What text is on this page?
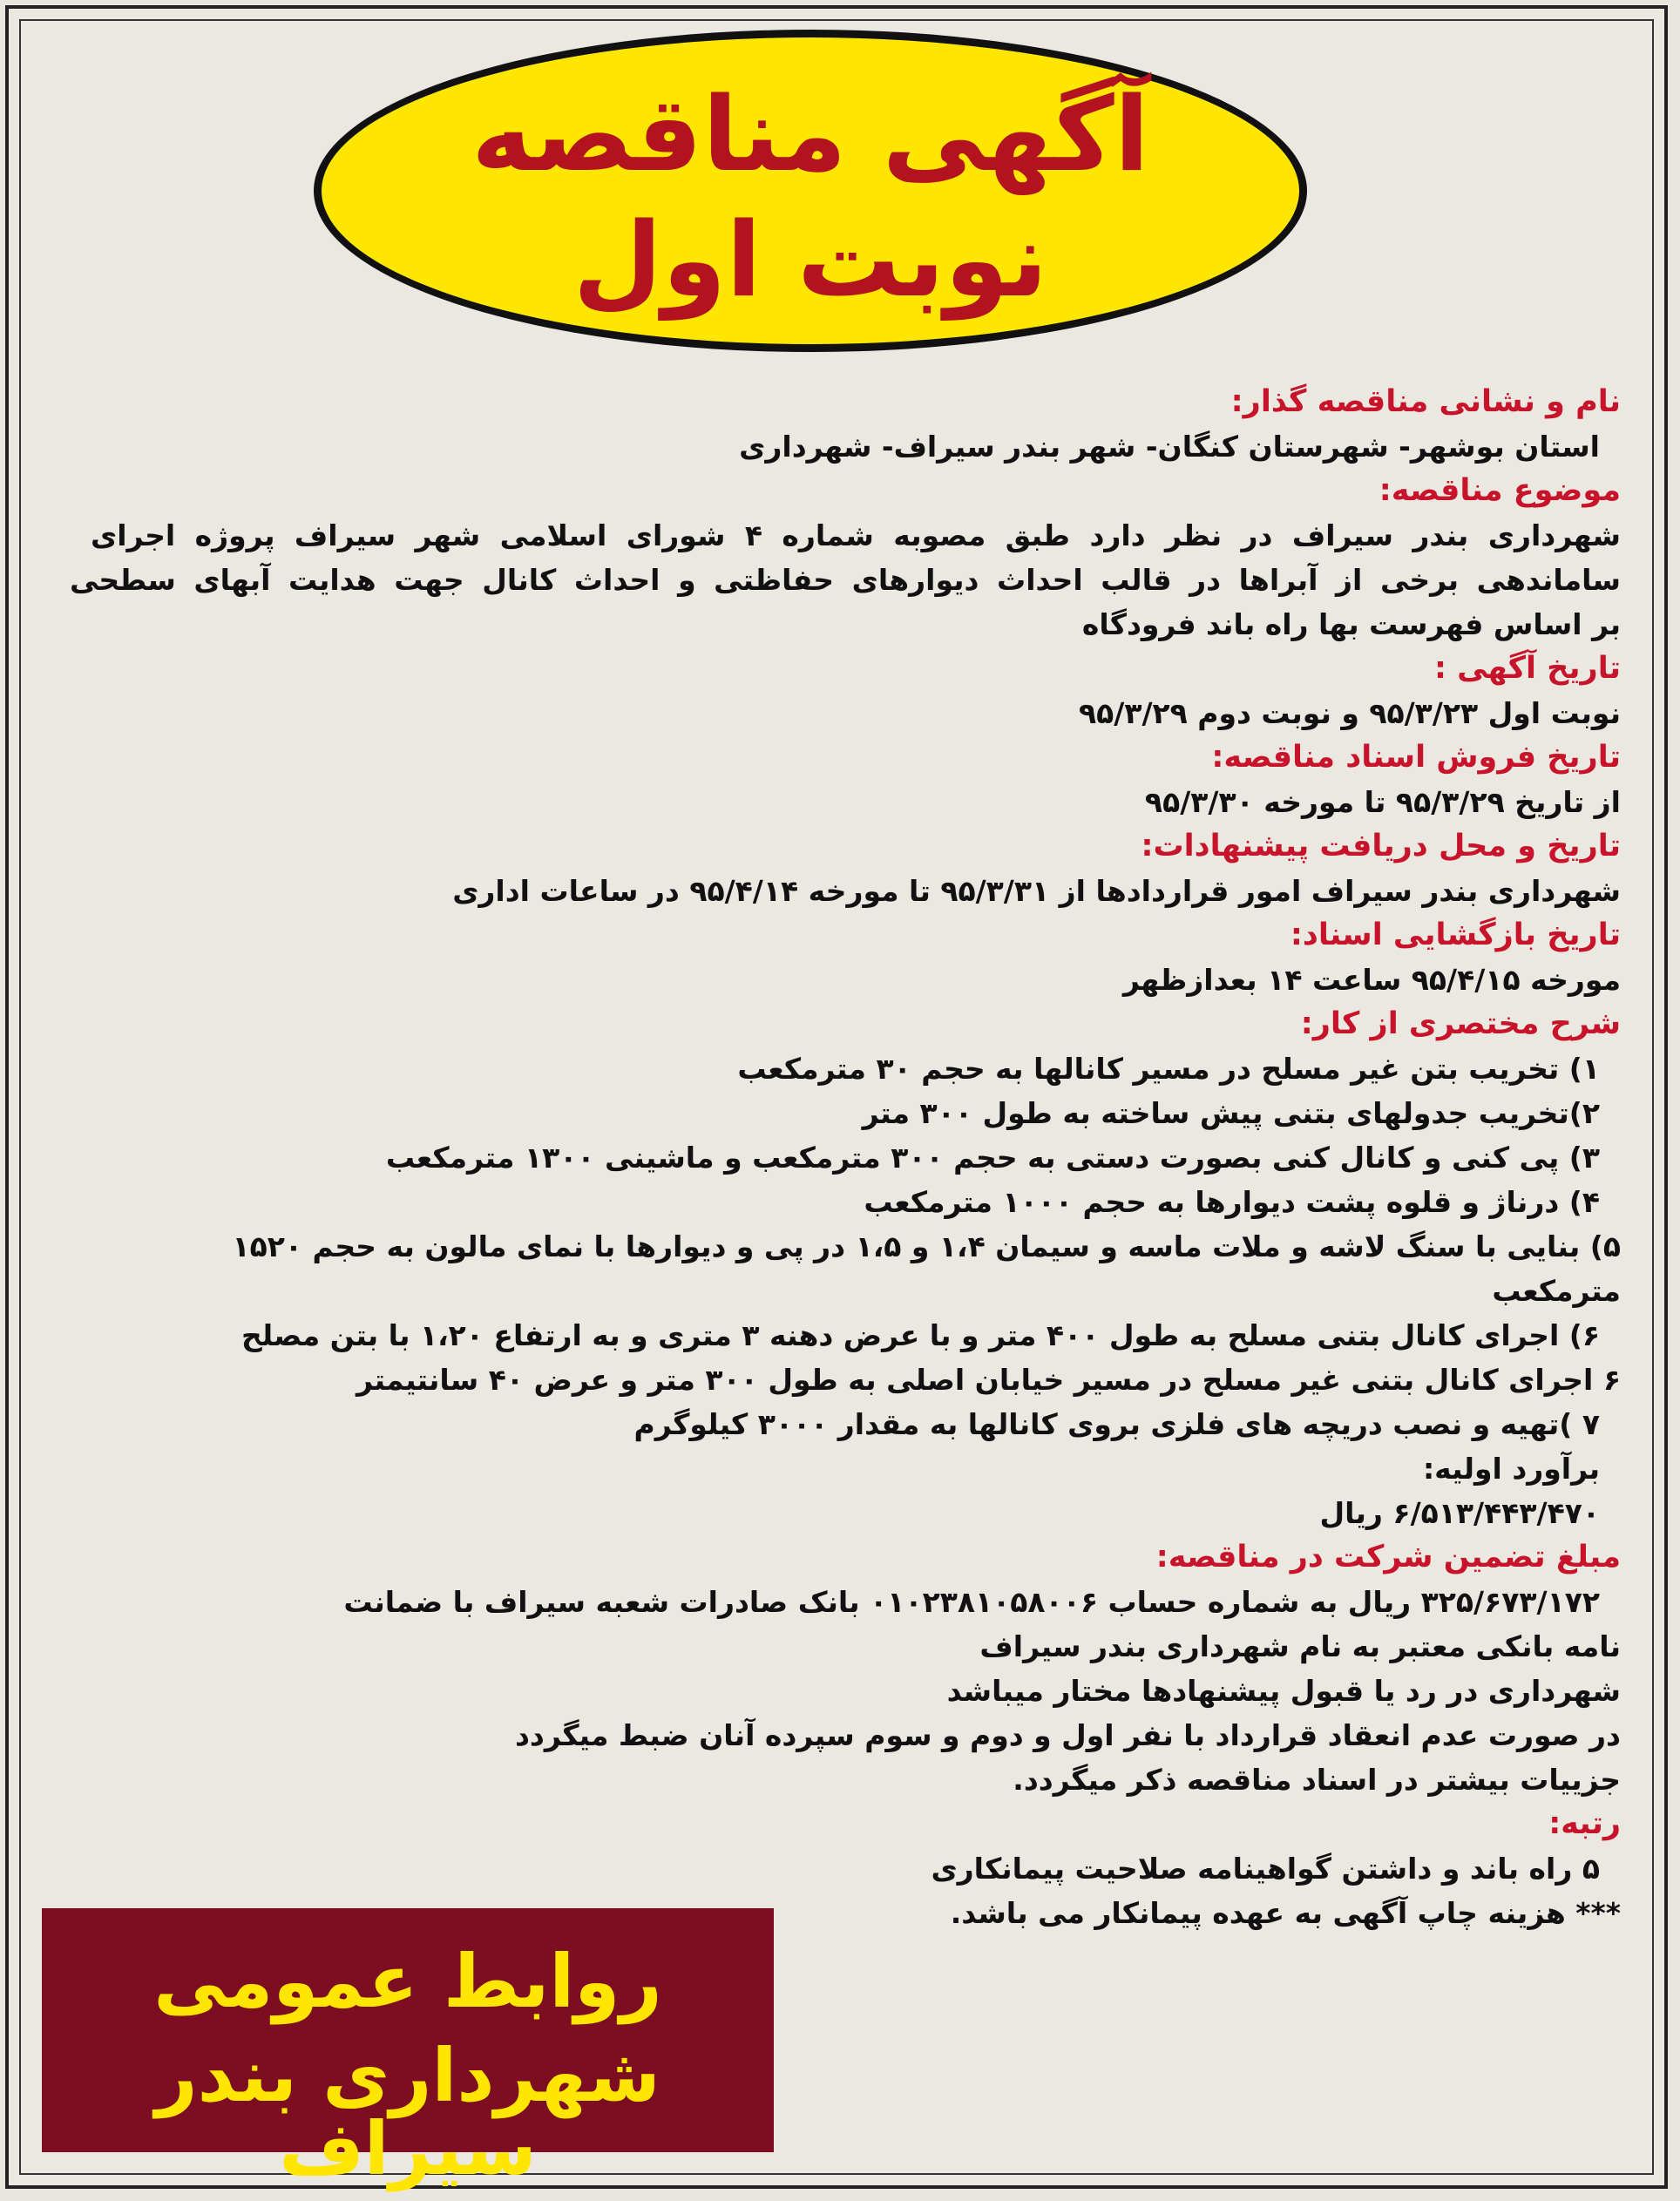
آگهی مناقصه
نوبت اول
نام و نشانی مناقصه گذار:
استان بوشهر- شهرستان کنگان- شهر بندر سیراف- شهرداری
موضوع مناقصه:
شهرداری بندر سیراف در نظر دارد طبق مصوبه شماره ۴ شورای اسلامی شهر سیراف پروژه اجرای
ساماندهی برخی از آبراها در قالب احداث دیوارهای حفاظتی و احداث کانال جهت هدایت آبهای سطحی
بر اساس فهرست بها راه باند فرودگاه
تاریخ آگهی :
نوبت اول ۹۵/۳/۲۳ و نوبت دوم ۹۵/۳/۲۹
تاریخ فروش اسناد مناقصه:
از تاریخ ۹۵/۳/۲۹ تا مورخه ۹۵/۳/۳۰
تاریخ و محل دریافت پیشنهادات:
شهرداری بندر سیراف امور قراردادها از ۹۵/۳/۳۱ تا مورخه ۹۵/۴/۱۴ در ساعات اداری
تاریخ بازگشایی اسناد:
مورخه ۹۵/۴/۱۵ ساعت ۱۴ بعدازظهر
شرح مختصری از کار:
۱) تخریب بتن غیر مسلح در مسیر کانالها به حجم ۳۰ مترمکعب
۲)تخریب جدولهای بتنی پیش ساخته به طول ۳۰۰ متر
۳) پی کنی و کانال کنی بصورت دستی به حجم ۳۰۰ مترمکعب و ماشینی ۱۳۰۰ مترمکعب
۴) درناژ و قلوه پشت دیوارها به حجم ۱۰۰۰ مترمکعب
۵) بنایی با سنگ لاشه و ملات ماسه و سیمان ۱،۴ و ۱،۵ در پی و دیوارها با نمای مالون به حجم ۱۵۲۰
مترمکعب
۶) اجرای کانال بتنی مسلح به طول ۴۰۰ متر و با عرض دهنه ۳ متری و به ارتفاع ۱،۲۰ با بتن مصلح
۶ اجرای کانال بتنی غیر مسلح در مسیر خیابان اصلی به طول ۳۰۰ متر و عرض ۴۰ سانتیمتر
۷ )تهیه و نصب دریچه های فلزی بروی کانالها به مقدار ۳۰۰۰ کیلوگرم
برآورد اولیه:
۶/۵۱۳/۴۴۳/۴۷۰ ریال
مبلغ تضمین شرکت در مناقصه:
۳۲۵/۶۷۳/۱۷۲ ریال به شماره حساب ۰۱۰۲۳۸۱۰۵۸۰۰۶ بانک صادرات شعبه سیراف با ضمانت
نامه بانکی معتبر به نام شهرداری بندر سیراف
شهرداری در رد یا قبول پیشنهادها مختار میباشد
در صورت عدم انعقاد قرارداد با نفر اول و دوم و سوم سپرده آنان ضبط میگردد
جزییات بیشتر در اسناد مناقصه ذکر میگردد.
رتبه:
۵ راه باند و داشتن گواهینامه صلاحیت پیمانکاری
*** هزینه چاپ آگهی به عهده پیمانکار می باشد.
روابط عمومی
شهرداری بندر سیراف
